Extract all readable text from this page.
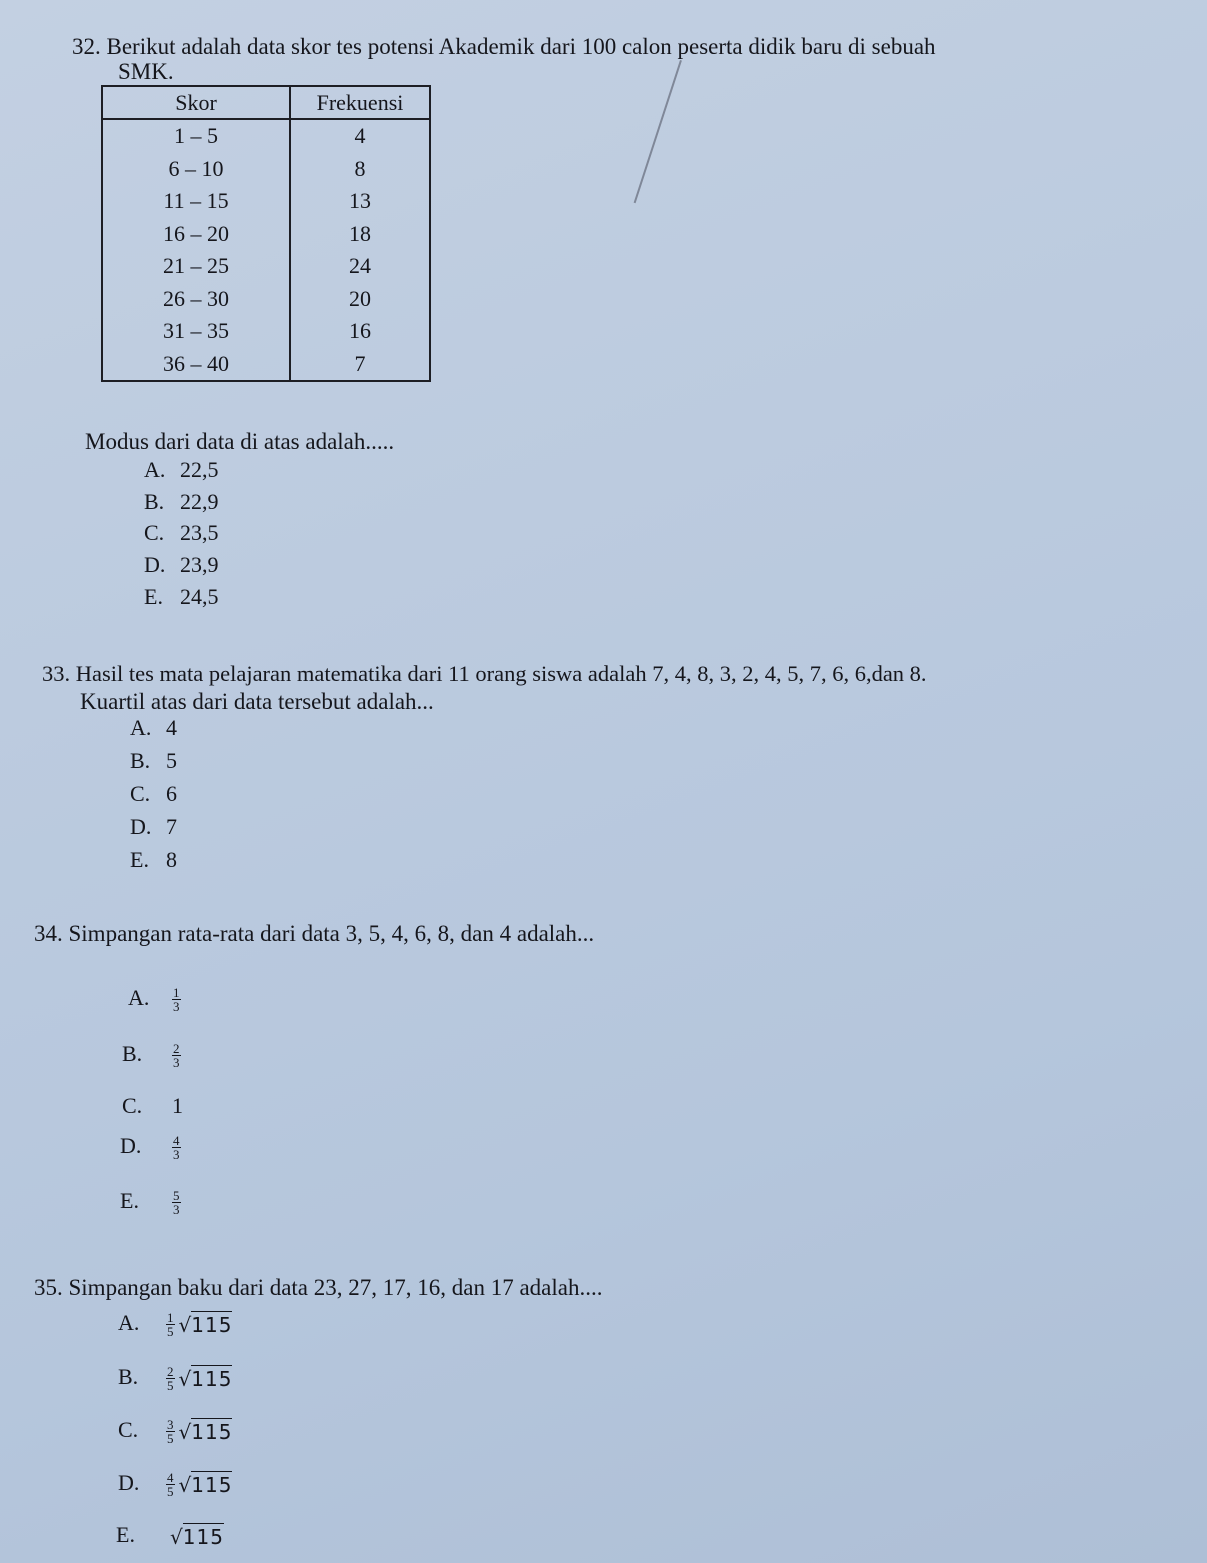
32. Berikut adalah data skor tes potensi Akademik dari 100 calon peserta didik baru di sebuah
SMK.
Skor	Frekuensi
1 – 5	4
6 – 10	8
11 – 15	13
16 – 20	18
21 – 25	24
26 – 30	20
31 – 35	16
36 – 40	7
Modus dari data di atas adalah.....
A. 22,5
B. 22,9
C. 23,5
D. 23,9
E. 24,5
33. Hasil tes mata pelajaran matematika dari 11 orang siswa adalah 7, 4, 8, 3, 2, 4, 5, 7, 6, 6,dan 8.
Kuartil atas dari data tersebut adalah...
A. 4
B. 5
C. 6
D. 7
E. 8
34. Simpangan rata-rata dari data 3, 5, 4, 6, 8, dan 4 adalah...
A. $\frac{1}{3}$
B. $\frac{2}{3}$
C. 1
D. $\frac{4}{3}$
E.	$\frac{5}{3}$
35. Simpangan baku dari data 23, 27, 17, 16, dan 17 adalah....
A. $\frac{1}{5} √115$
B. $\frac{2}{5} √115$
C. $\frac{3}{5} √115$
D. $\frac{4}{5} √115$
E. √115
